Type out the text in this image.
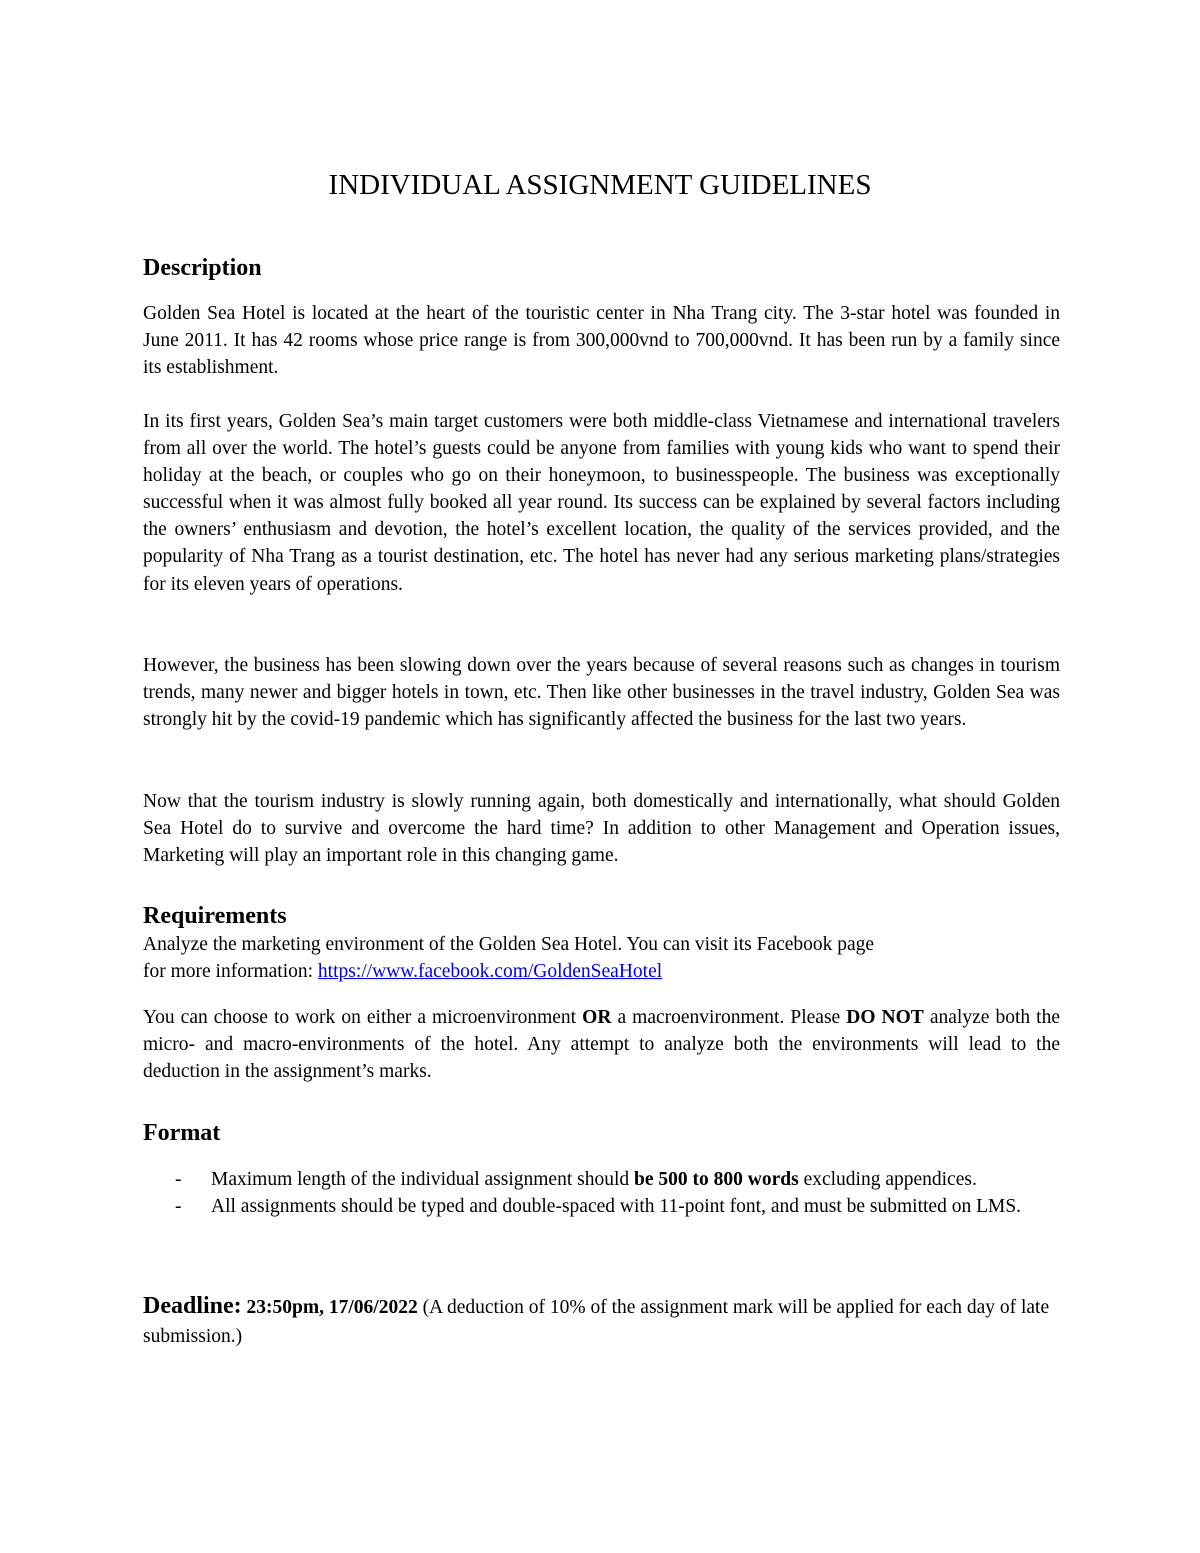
INDIVIDUAL ASSIGNMENT GUIDELINES
Description

Golden Sea Hotel is located at the heart of the touristic center in Nha Trang city. The 3-star hotel was founded in June 2011. It has 42 rooms whose price range is from 300,000vnd to 700,000vnd. It has been run by a family since its establishment.

In its first years, Golden Sea’s main target customers were both middle-class Vietnamese and international travelers from all over the world. The hotel’s guests could be anyone from families with young kids who want to spend their holiday at the beach, or couples who go on their honeymoon, to businesspeople. The business was exceptionally successful when it was almost fully booked all year round. Its success can be explained by several factors including the owners’ enthusiasm and devotion, the hotel’s excellent location, the quality of the services provided, and the popularity of Nha Trang as a tourist destination, etc. The hotel has never had any serious marketing plans/strategies for its eleven years of operations.

However, the business has been slowing down over the years because of several reasons such as changes in tourism trends, many newer and bigger hotels in town, etc. Then like other businesses in the travel industry, Golden Sea was strongly hit by the covid-19 pandemic which has significantly affected the business for the last two years.

Now that the tourism industry is slowly running again, both domestically and internationally, what should Golden Sea Hotel do to survive and overcome the hard time? In addition to other Management and Operation issues, Marketing will play an important role in this changing game.

Requirements

Analyze the marketing environment of the Golden Sea Hotel. You can visit its Facebook page
for more information: https://www.facebook.com/GoldenSeaHotel

You can choose to work on either a microenvironment OR a macroenvironment. Please DO NOT analyze both the micro- and macro-environments of the hotel. Any attempt to analyze both the environments will lead to the deduction in the assignment’s marks.

Format
- Maximum length of the individual assignment should be 500 to 800 words excluding appendices.
- All assignments should be typed and double-spaced with 11-point font, and must be submitted on LMS.

Deadline: 23:50pm, 17/06/2022 (A deduction of 10% of the assignment mark will be applied for each day of late submission.)
